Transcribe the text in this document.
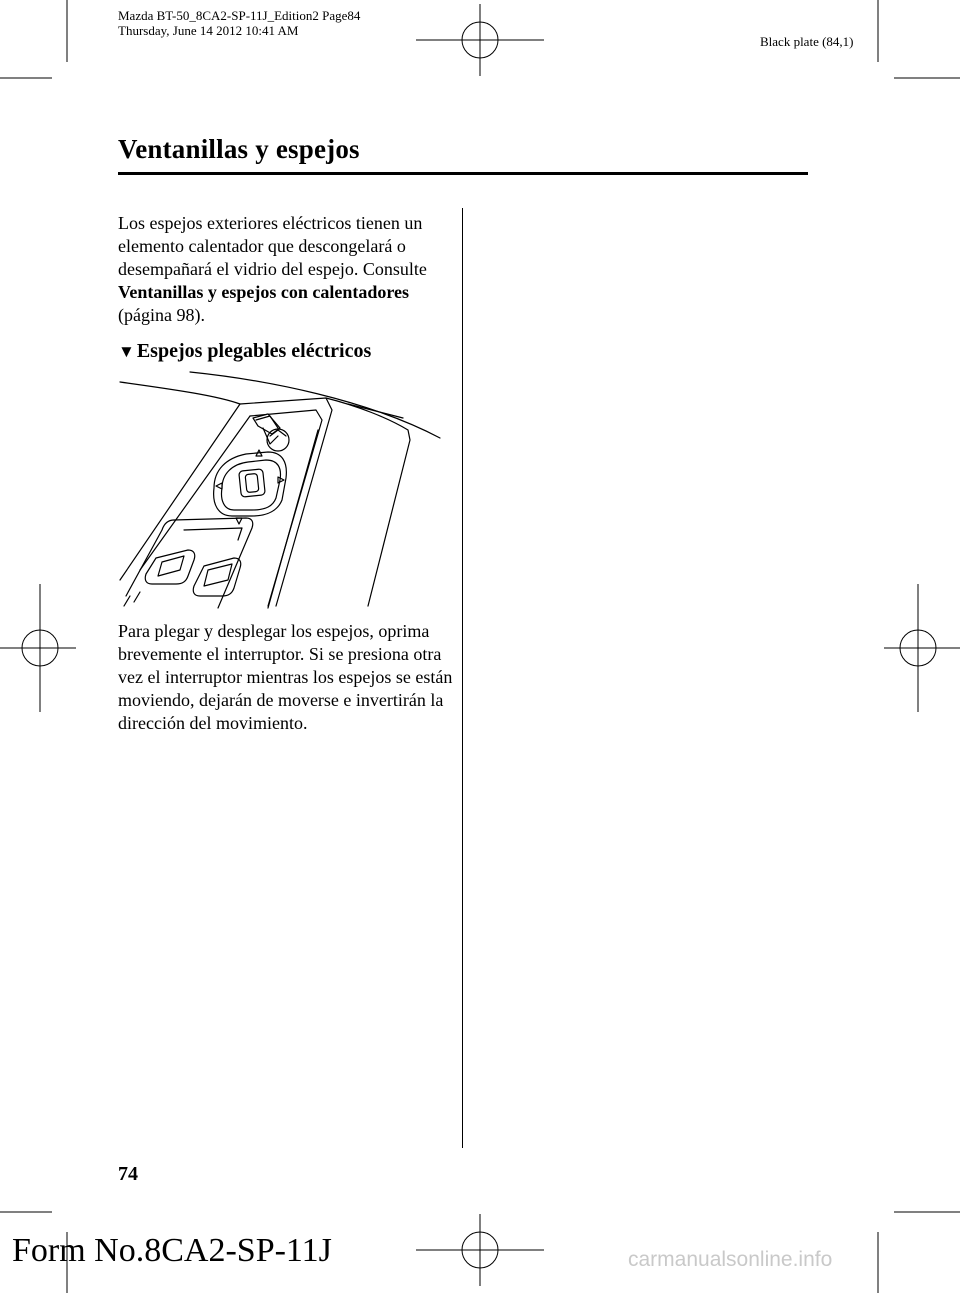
Mazda BT-50_8CA2-SP-11J_Edition2 Page84
Thursday, June 14 2012 10:41 AM
Black plate (84,1)
Ventanillas y espejos
Los espejos exteriores eléctricos tienen un elemento calentador que descongelará o desempañará el vidrio del espejo. Consulte Ventanillas y espejos con calentadores (página 98).
▼ Espejos plegables eléctricos
Para plegar y desplegar los espejos, oprima brevemente el interruptor. Si se presiona otra vez el interruptor mientras los espejos se están moviendo, dejarán de moverse e invertirán la dirección del movimiento.
74
Form No.8CA2-SP-11J	carmanualsonline.info
